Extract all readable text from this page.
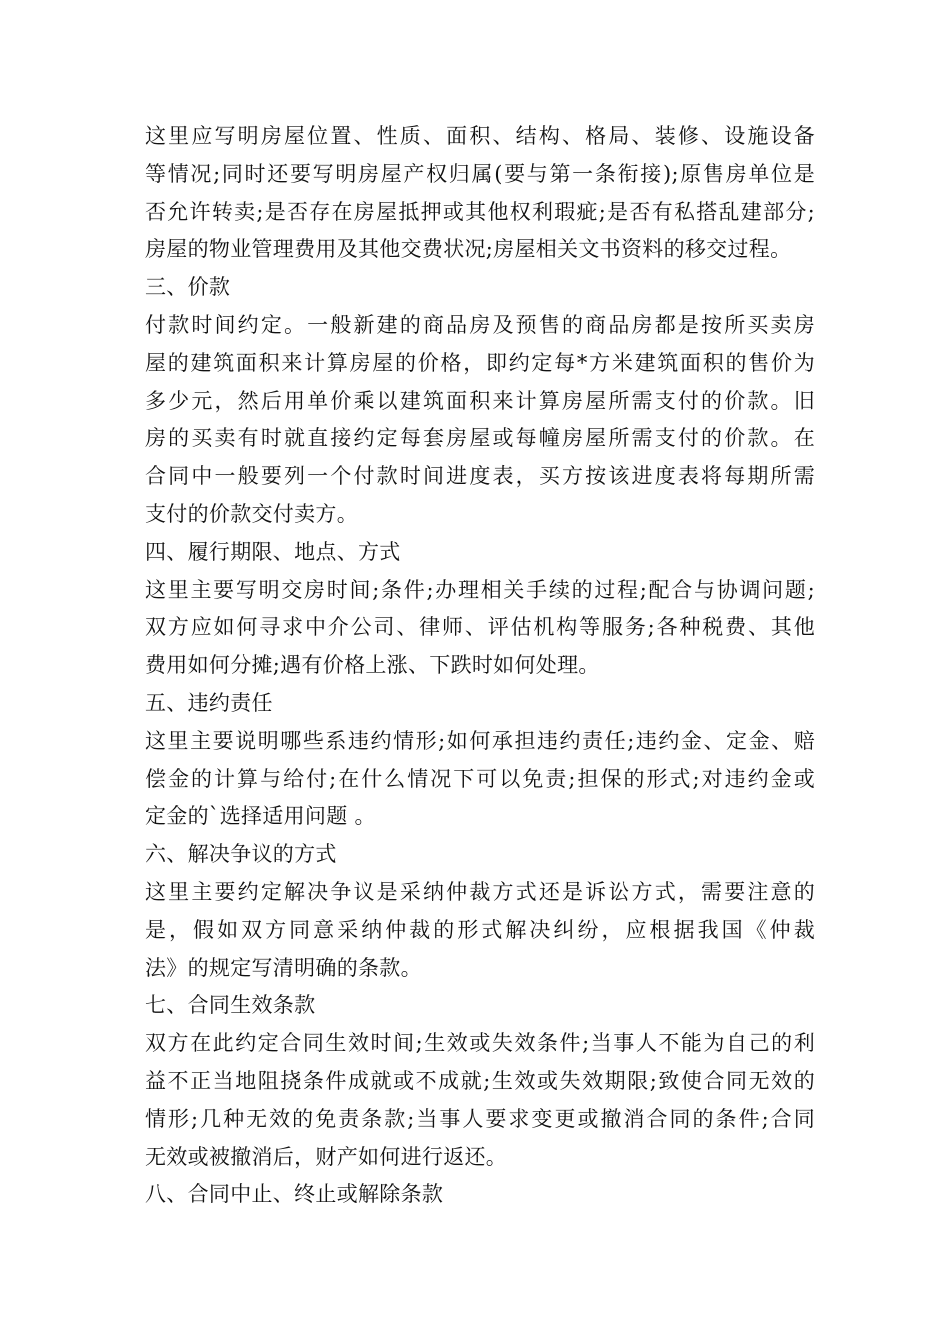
这里应写明房屋位置、性质、面积、结构、格局、装修、设施设备
等情况;同时还要写明房屋产权归属(要与第一条衔接);原售房单位是
否允许转卖;是否存在房屋抵押或其他权利瑕疵;是否有私搭乱建部分;
房屋的物业管理费用及其他交费状况;房屋相关文书资料的移交过程。
三、价款
付款时间约定。一般新建的商品房及预售的商品房都是按所买卖房
屋的建筑面积来计算房屋的价格，即约定每*方米建筑面积的售价为
多少元，然后用单价乘以建筑面积来计算房屋所需支付的价款。旧
房的买卖有时就直接约定每套房屋或每幢房屋所需支付的价款。在
合同中一般要列一个付款时间进度表，买方按该进度表将每期所需
支付的价款交付卖方。
四、履行期限、地点、方式
这里主要写明交房时间;条件;办理相关手续的过程;配合与协调问题;
双方应如何寻求中介公司、律师、评估机构等服务;各种税费、其他
费用如何分摊;遇有价格上涨、下跌时如何处理。
五、违约责任
这里主要说明哪些系违约情形;如何承担违约责任;违约金、定金、赔
偿金的计算与给付;在什么情况下可以免责;担保的形式;对违约金或
定金的`选择适用问题 。
六、解决争议的方式
这里主要约定解决争议是采纳仲裁方式还是诉讼方式，需要注意的
是，假如双方同意采纳仲裁的形式解决纠纷，应根据我国《仲裁
法》的规定写清明确的条款。
七、合同生效条款
双方在此约定合同生效时间;生效或失效条件;当事人不能为自己的利
益不正当地阻挠条件成就或不成就;生效或失效期限;致使合同无效的
情形;几种无效的免责条款;当事人要求变更或撤消合同的条件;合同
无效或被撤消后，财产如何进行返还。
八、合同中止、终止或解除条款
